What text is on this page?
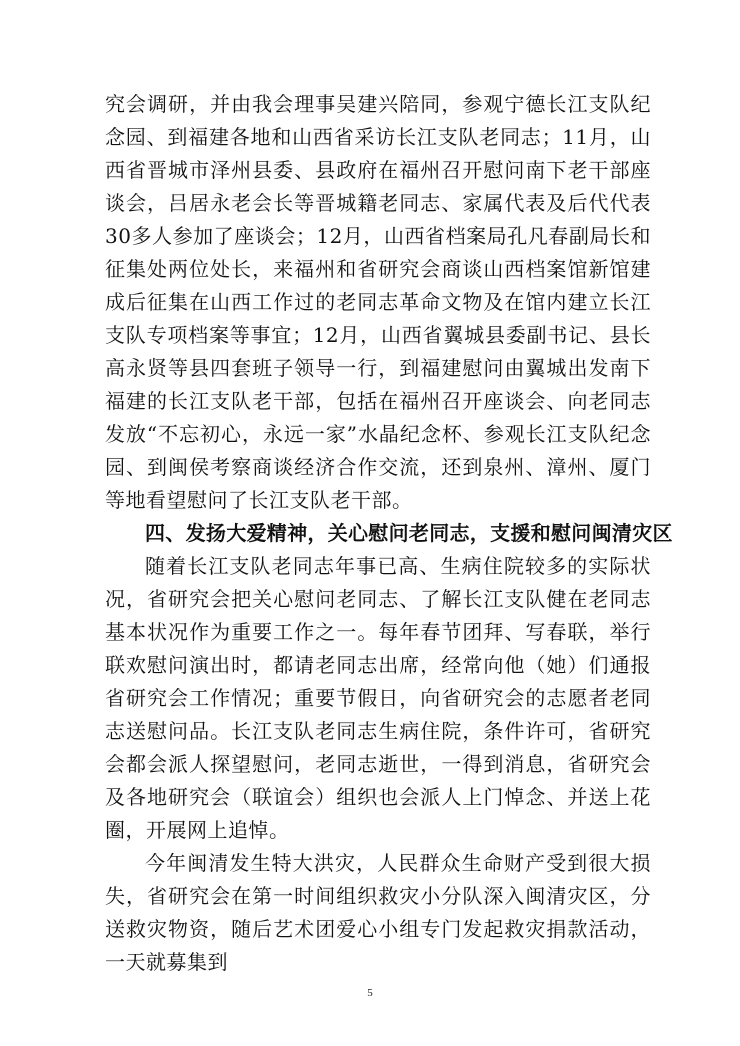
究会调研，并由我会理事吴建兴陪同，参观宁德长江支队纪念园、到福建各地和山西省采访长江支队老同志；11月，山西省晋城市泽州县委、县政府在福州召开慰问南下老干部座谈会，吕居永老会长等晋城籍老同志、家属代表及后代代表30多人参加了座谈会；12月，山西省档案局孔凡春副局长和征集处两位处长，来福州和省研究会商谈山西档案馆新馆建成后征集在山西工作过的老同志革命文物及在馆内建立长江支队专项档案等事宜；12月，山西省翼城县委副书记、县长高永贤等县四套班子领导一行，到福建慰问由翼城出发南下福建的长江支队老干部，包括在福州召开座谈会、向老同志发放“不忘初心，永远一家”水晶纪念杯、参观长江支队纪念园、到闽侯考察商谈经济合作交流，还到泉州、漳州、厦门等地看望慰问了长江支队老干部。

四、发扬大爱精神，关心慰问老同志，支援和慰问闽清灾区

随着长江支队老同志年事已高、生病住院较多的实际状况，省研究会把关心慰问老同志、了解长江支队健在老同志基本状况作为重要工作之一。每年春节团拜、写春联，举行联欢慰问演出时，都请老同志出席，经常向他（她）们通报省研究会工作情况；重要节假日，向省研究会的志愿者老同志送慰问品。长江支队老同志生病住院，条件许可，省研究会都会派人探望慰问，老同志逝世，一得到消息，省研究会及各地研究会（联谊会）组织也会派人上门悼念、并送上花圈，开展网上追悼。

今年闽清发生特大洪灾，人民群众生命财产受到很大损失，省研究会在第一时间组织救灾小分队深入闽清灾区，分送救灾物资，随后艺术团爱心小组专门发起救灾捐款活动，一天就募集到

5
